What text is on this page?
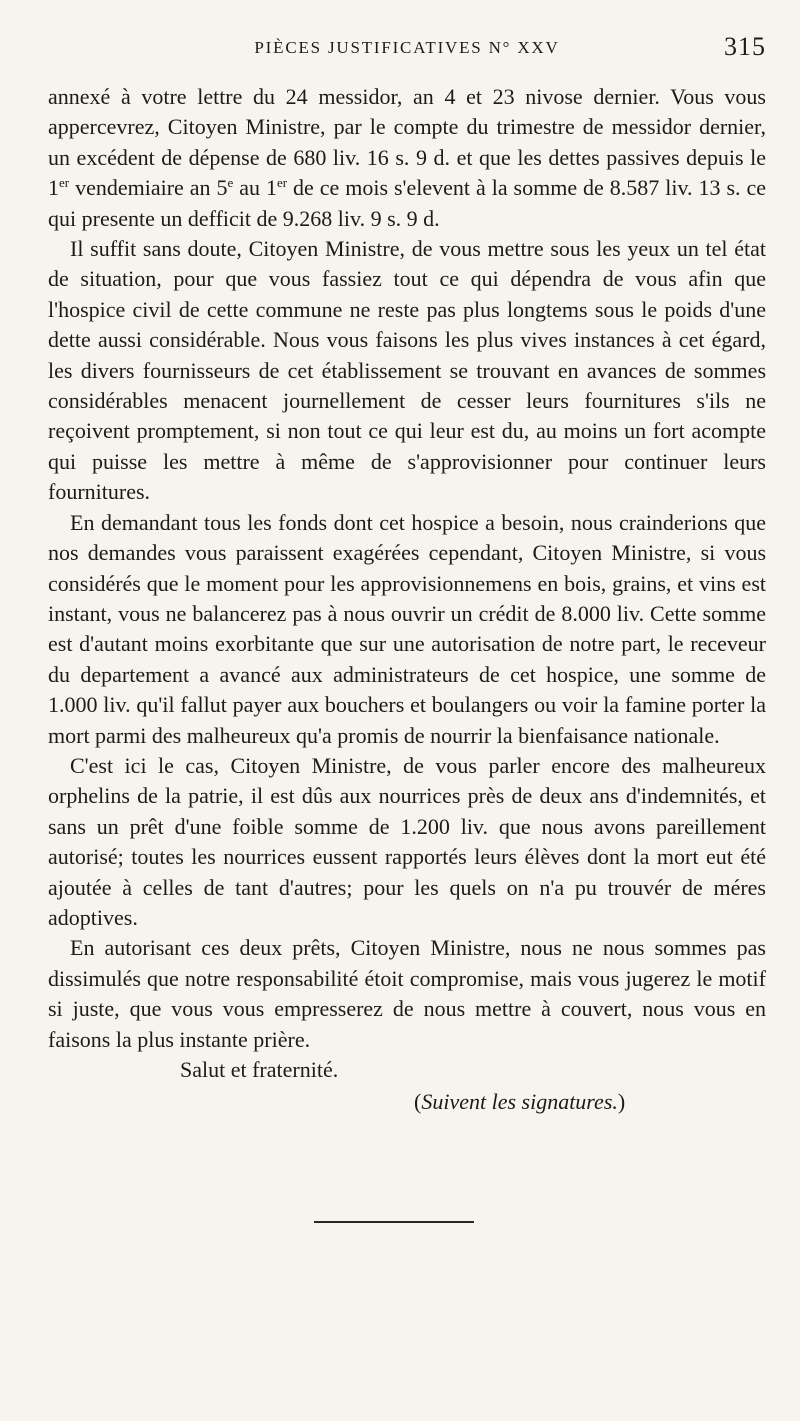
PIÈCES JUSTIFICATIVES N° XXV	315

annexé à votre lettre du 24 messidor, an 4 et 23 nivose dernier. Vous vous appercevrez, Citoyen Ministre, par le compte du trimestre de messidor dernier, un excédent de dépense de 680 liv. 16 s. 9 d. et que les dettes passives depuis le 1er vendemiaire an 5e au 1er de ce mois s'elevent à la somme de 8.587 liv. 13 s. ce qui presente un defficit de 9.268 liv. 9 s. 9 d.

Il suffit sans doute, Citoyen Ministre, de vous mettre sous les yeux un tel état de situation, pour que vous fassiez tout ce qui dépendra de vous afin que l'hospice civil de cette commune ne reste pas plus longtems sous le poids d'une dette aussi considérable. Nous vous faisons les plus vives instances à cet égard, les divers fournisseurs de cet établissement se trouvant en avances de sommes considérables menacent journellement de cesser leurs fournitures s'ils ne reçoivent promptement, si non tout ce qui leur est du, au moins un fort acompte qui puisse les mettre à même de s'approvisionner pour continuer leurs fournitures.

En demandant tous les fonds dont cet hospice a besoin, nous crainderions que nos demandes vous paraissent exagérées cependant, Citoyen Ministre, si vous considérés que le moment pour les approvisionnemens en bois, grains, et vins est instant, vous ne balancerez pas à nous ouvrir un crédit de 8.000 liv. Cette somme est d'autant moins exorbitante que sur une autorisation de notre part, le receveur du departement a avancé aux administrateurs de cet hospice, une somme de 1.000 liv. qu'il fallut payer aux bouchers et boulangers ou voir la famine porter la mort parmi des malheureux qu'a promis de nourrir la bienfaisance nationale.

C'est ici le cas, Citoyen Ministre, de vous parler encore des malheureux orphelins de la patrie, il est dûs aux nourrices près de deux ans d'indemnités, et sans un prêt d'une foible somme de 1.200 liv. que nous avons pareillement autorisé; toutes les nourrices eussent rapportés leurs élèves dont la mort eut été ajoutée à celles de tant d'autres; pour les quels on n'a pu trouvér de méres adoptives.

En autorisant ces deux prêts, Citoyen Ministre, nous ne nous sommes pas dissimulés que notre responsabilité étoit compromise, mais vous jugerez le motif si juste, que vous vous empresserez de nous mettre à couvert, nous vous en faisons la plus instante prière.

Salut et fraternité.

(Suivent les signatures.)
